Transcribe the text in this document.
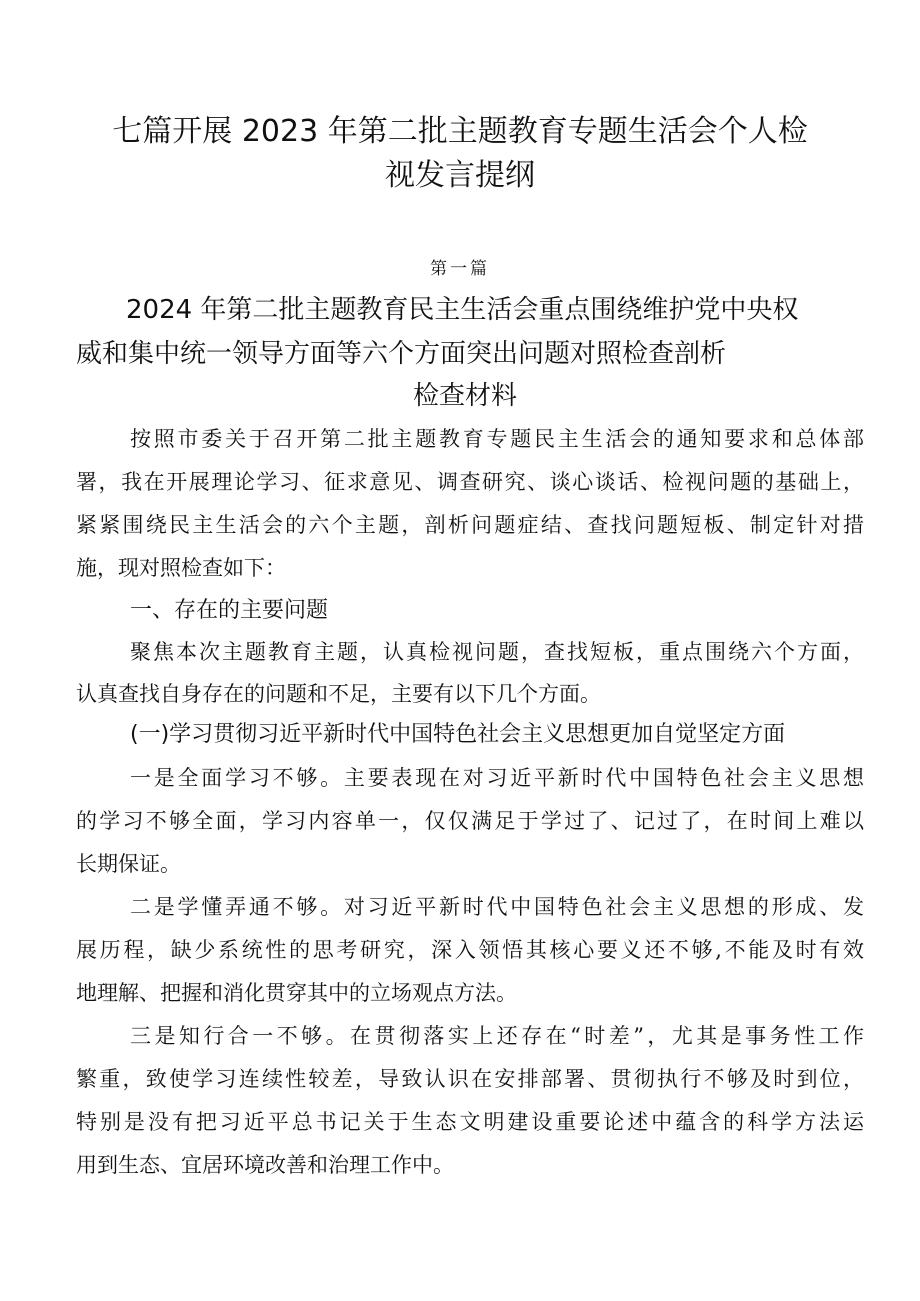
七篇开展 2023 年第二批主题教育专题生活会个人检
视发言提纲

第一篇

2024 年第二批主题教育民主生活会重点围绕维护党中央权
威和集中统一领导方面等六个方面突出问题对照检查剖析
检查材料

按照市委关于召开第二批主题教育专题民主生活会的通知要求和总体部

署，我在开展理论学习、征求意见、调查研究、谈心谈话、检视问题的基础上，

紧紧围绕民主生活会的六个主题，剖析问题症结、查找问题短板、制定针对措

施，现对照检查如下：

一、存在的主要问题

聚焦本次主题教育主题，认真检视问题，查找短板，重点围绕六个方面，

认真查找自身存在的问题和不足，主要有以下几个方面。

(一)学习贯彻习近平新时代中国特色社会主义思想更加自觉坚定方面

一是全面学习不够。主要表现在对习近平新时代中国特色社会主义思想

的学习不够全面，学习内容单一，仅仅满足于学过了、记过了，在时间上难以

长期保证。

二是学懂弄通不够。对习近平新时代中国特色社会主义思想的形成、发

展历程，缺少系统性的思考研究，深入领悟其核心要义还不够,不能及时有效

地理解、把握和消化贯穿其中的立场观点方法。

三是知行合一不够。在贯彻落实上还存在“时差”，尤其是事务性工作

繁重，致使学习连续性较差，导致认识在安排部署、贯彻执行不够及时到位，

特别是没有把习近平总书记关于生态文明建设重要论述中蕴含的科学方法运

用到生态、宜居环境改善和治理工作中。
